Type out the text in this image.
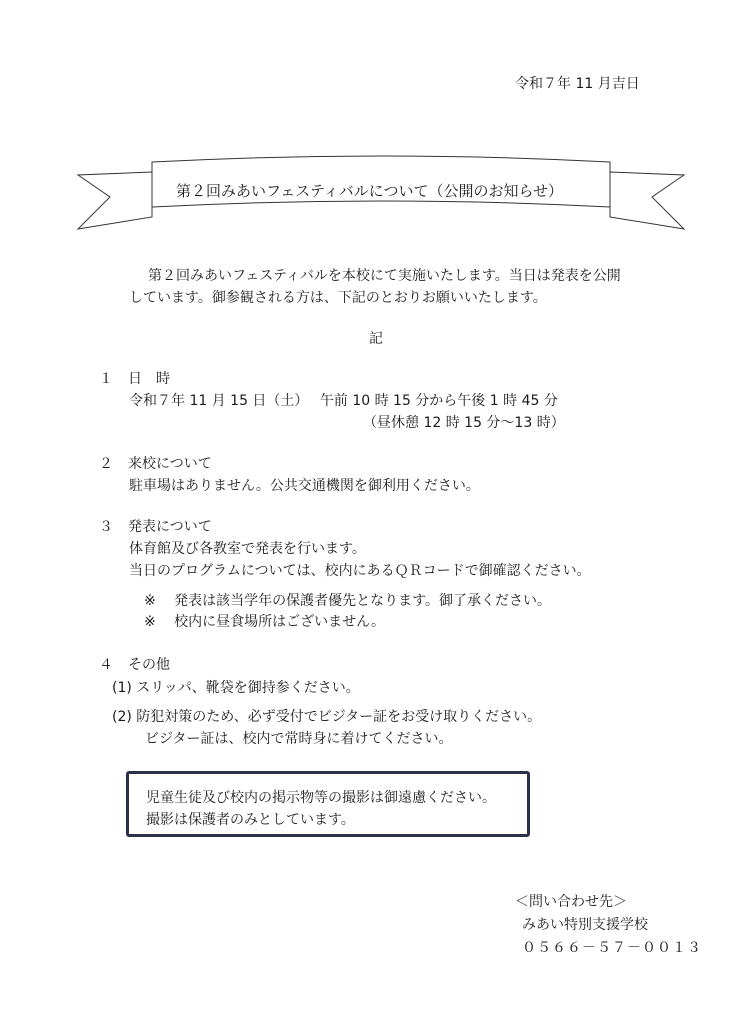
令和７年 11 月吉日
第２回みあいフェスティバルについて（公開のお知らせ）
第２回みあいフェスティバルを本校にて実施いたします。当日は発表を公開
しています。御参観される方は、下記のとおりお願いいたします。
記
１ 日　時
令和７年 11 月 15 日（土）　 午前 10 時 15 分から午後 1 時 45 分
（昼休憩 12 時 15 分～13 時）
２ 来校について
駐車場はありません。公共交通機関を御利用ください。
３ 発表について
体育館及び各教室で発表を行います。
当日のプログラムについては、校内にあるＱＲコードで御確認ください。
※　 発表は該当学年の保護者優先となります。御了承ください。
※　 校内に昼食場所はございません。
４ その他
(1) スリッパ、靴袋を御持参ください。
(2) 防犯対策のため、必ず受付でビジター証をお受け取りください。
ビジター証は、校内で常時身に着けてください。
児童生徒及び校内の掲示物等の撮影は御遠慮ください。
撮影は保護者のみとしています。
＜問い合わせ先＞
みあい特別支援学校
０５６６－５７－００１３
